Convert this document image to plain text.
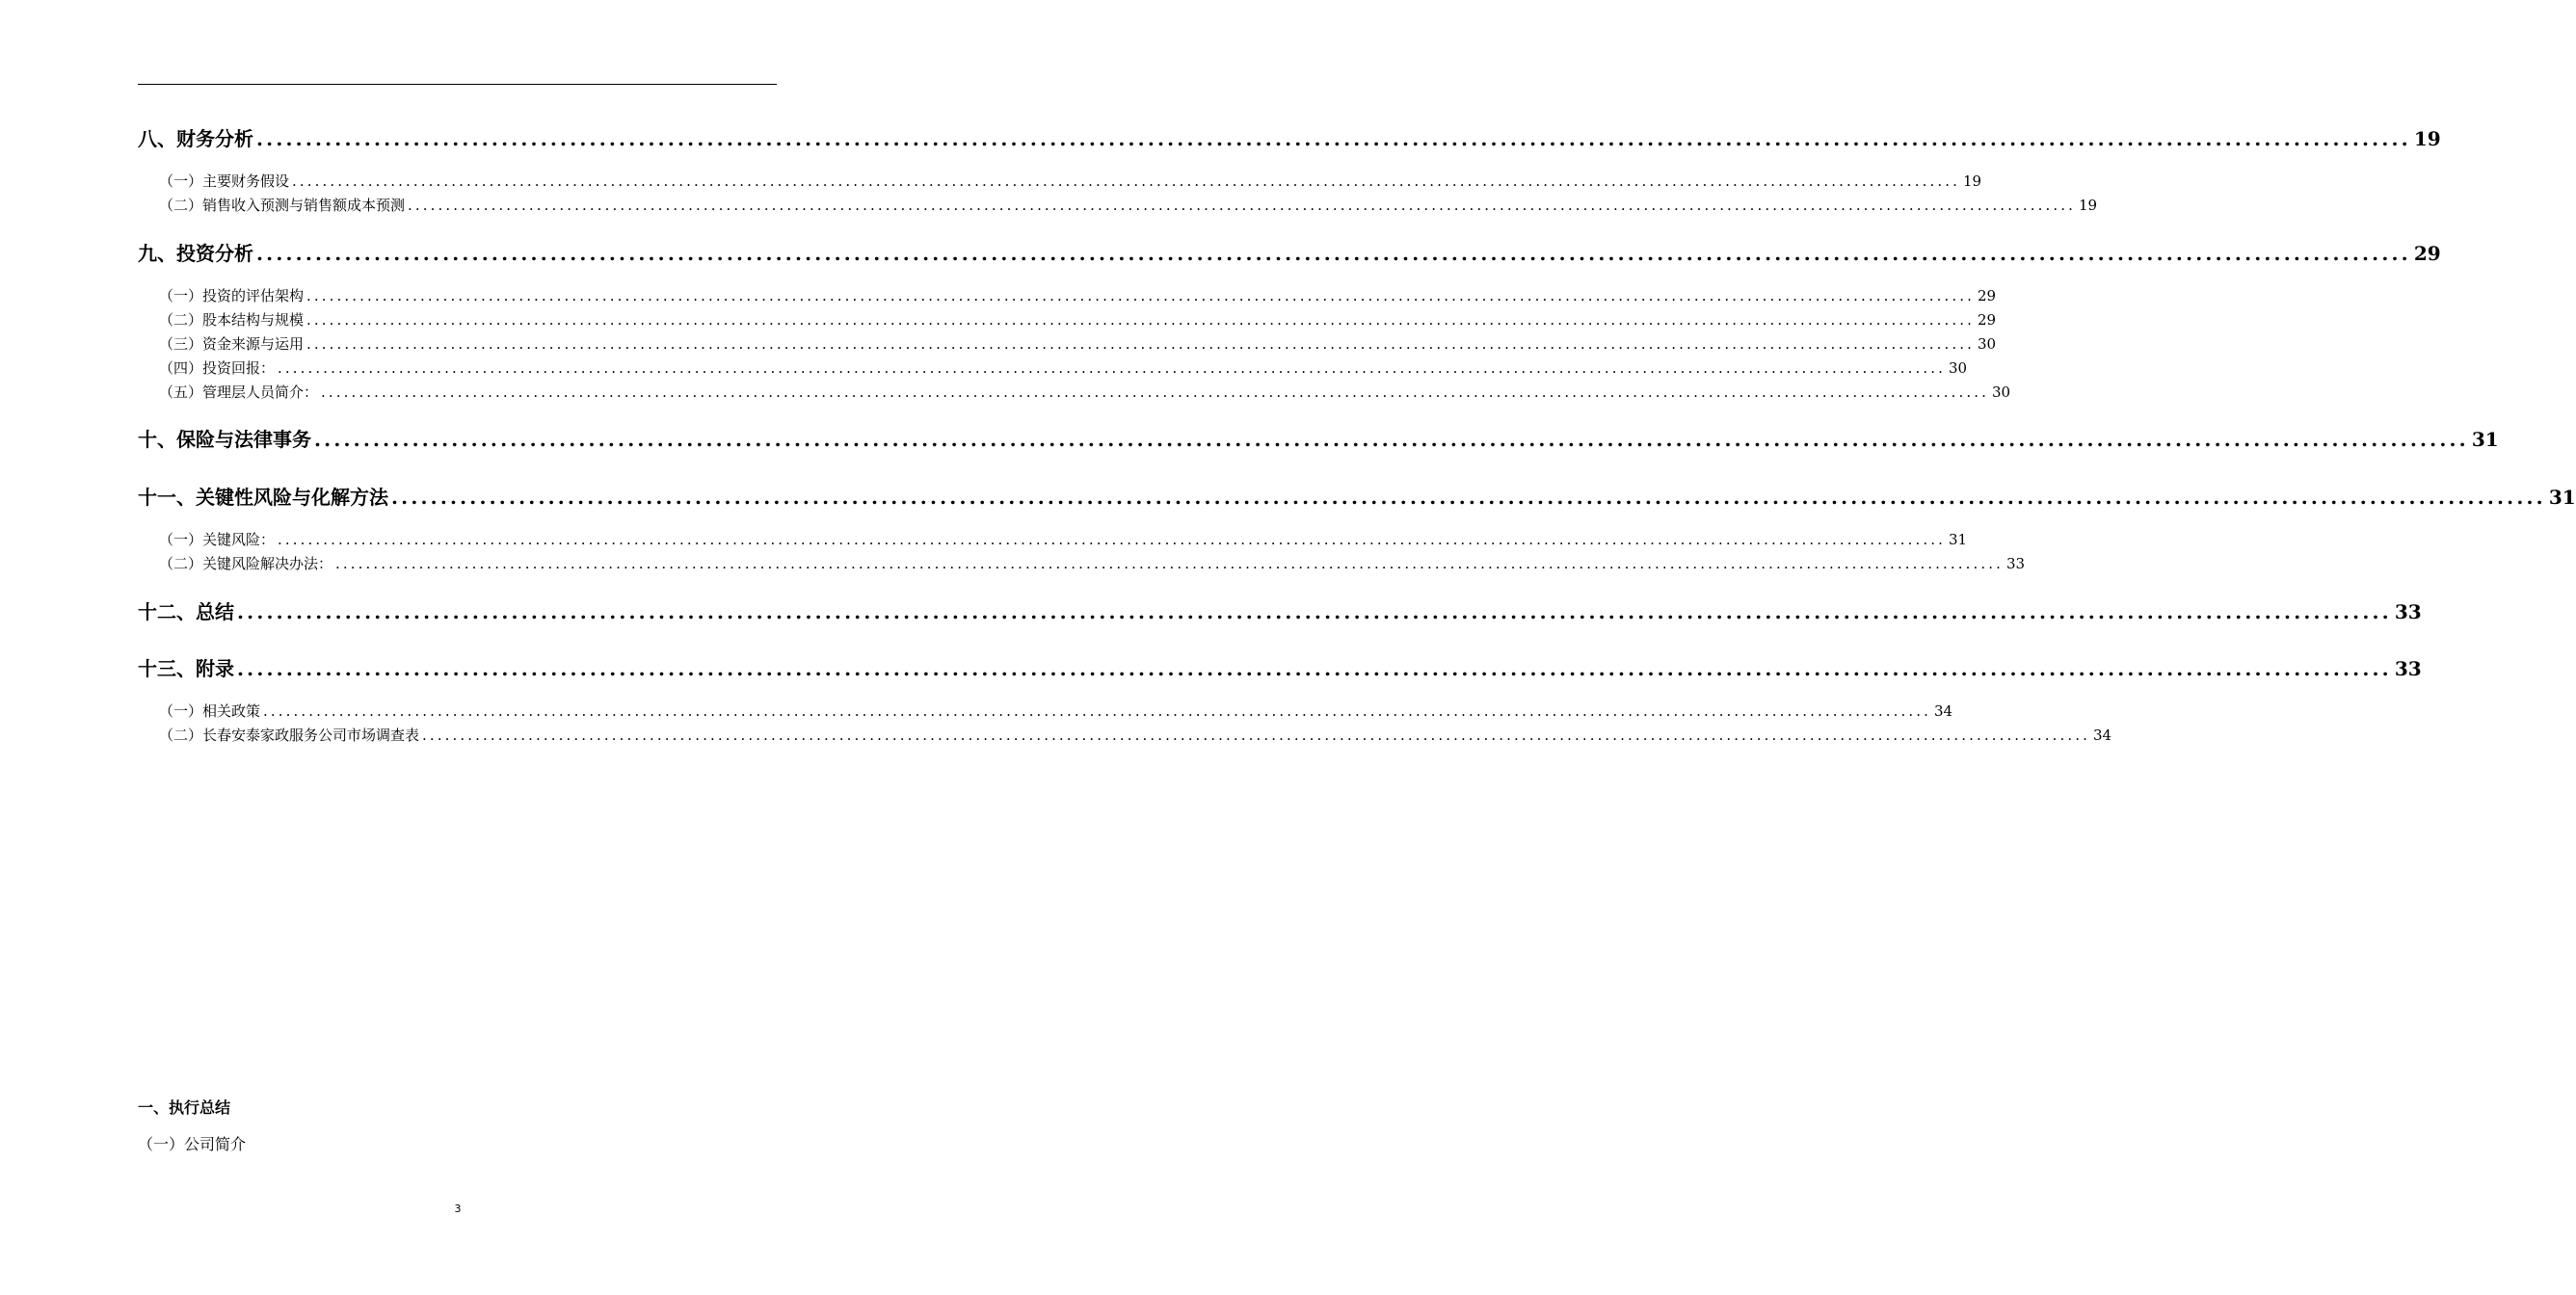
八、财务分析 ............................................................................................................................................................................................................................ 19
（一）主要财务假设 ............................................................................................................................................................................................................................ 19
（二）销售收入预测与销售额成本预测 ............................................................................................................................................................................................................................ 19
九、投资分析 ............................................................................................................................................................................................................................ 29
（一）投资的评估架构 ............................................................................................................................................................................................................................ 29
（二）股本结构与规模 ............................................................................................................................................................................................................................ 29
（三）资金来源与运用 ............................................................................................................................................................................................................................ 30
（四）投资回报： ............................................................................................................................................................................................................................ 30
（五）管理层人员简介： ............................................................................................................................................................................................................................ 30
十、保险与法律事务 ............................................................................................................................................................................................................................ 31
十一、关键性风险与化解方法 ............................................................................................................................................................................................................................ 31
（一）关键风险： ............................................................................................................................................................................................................................ 31
（二）关键风险解决办法： ............................................................................................................................................................................................................................ 33
十二、总结 ............................................................................................................................................................................................................................ 33
十三、附录 ............................................................................................................................................................................................................................ 33
（一）相关政策 ............................................................................................................................................................................................................................ 34
（二）长春安泰家政服务公司市场调查表 ............................................................................................................................................................................................................................ 34
一、执行总结
（一）公司简介
3
